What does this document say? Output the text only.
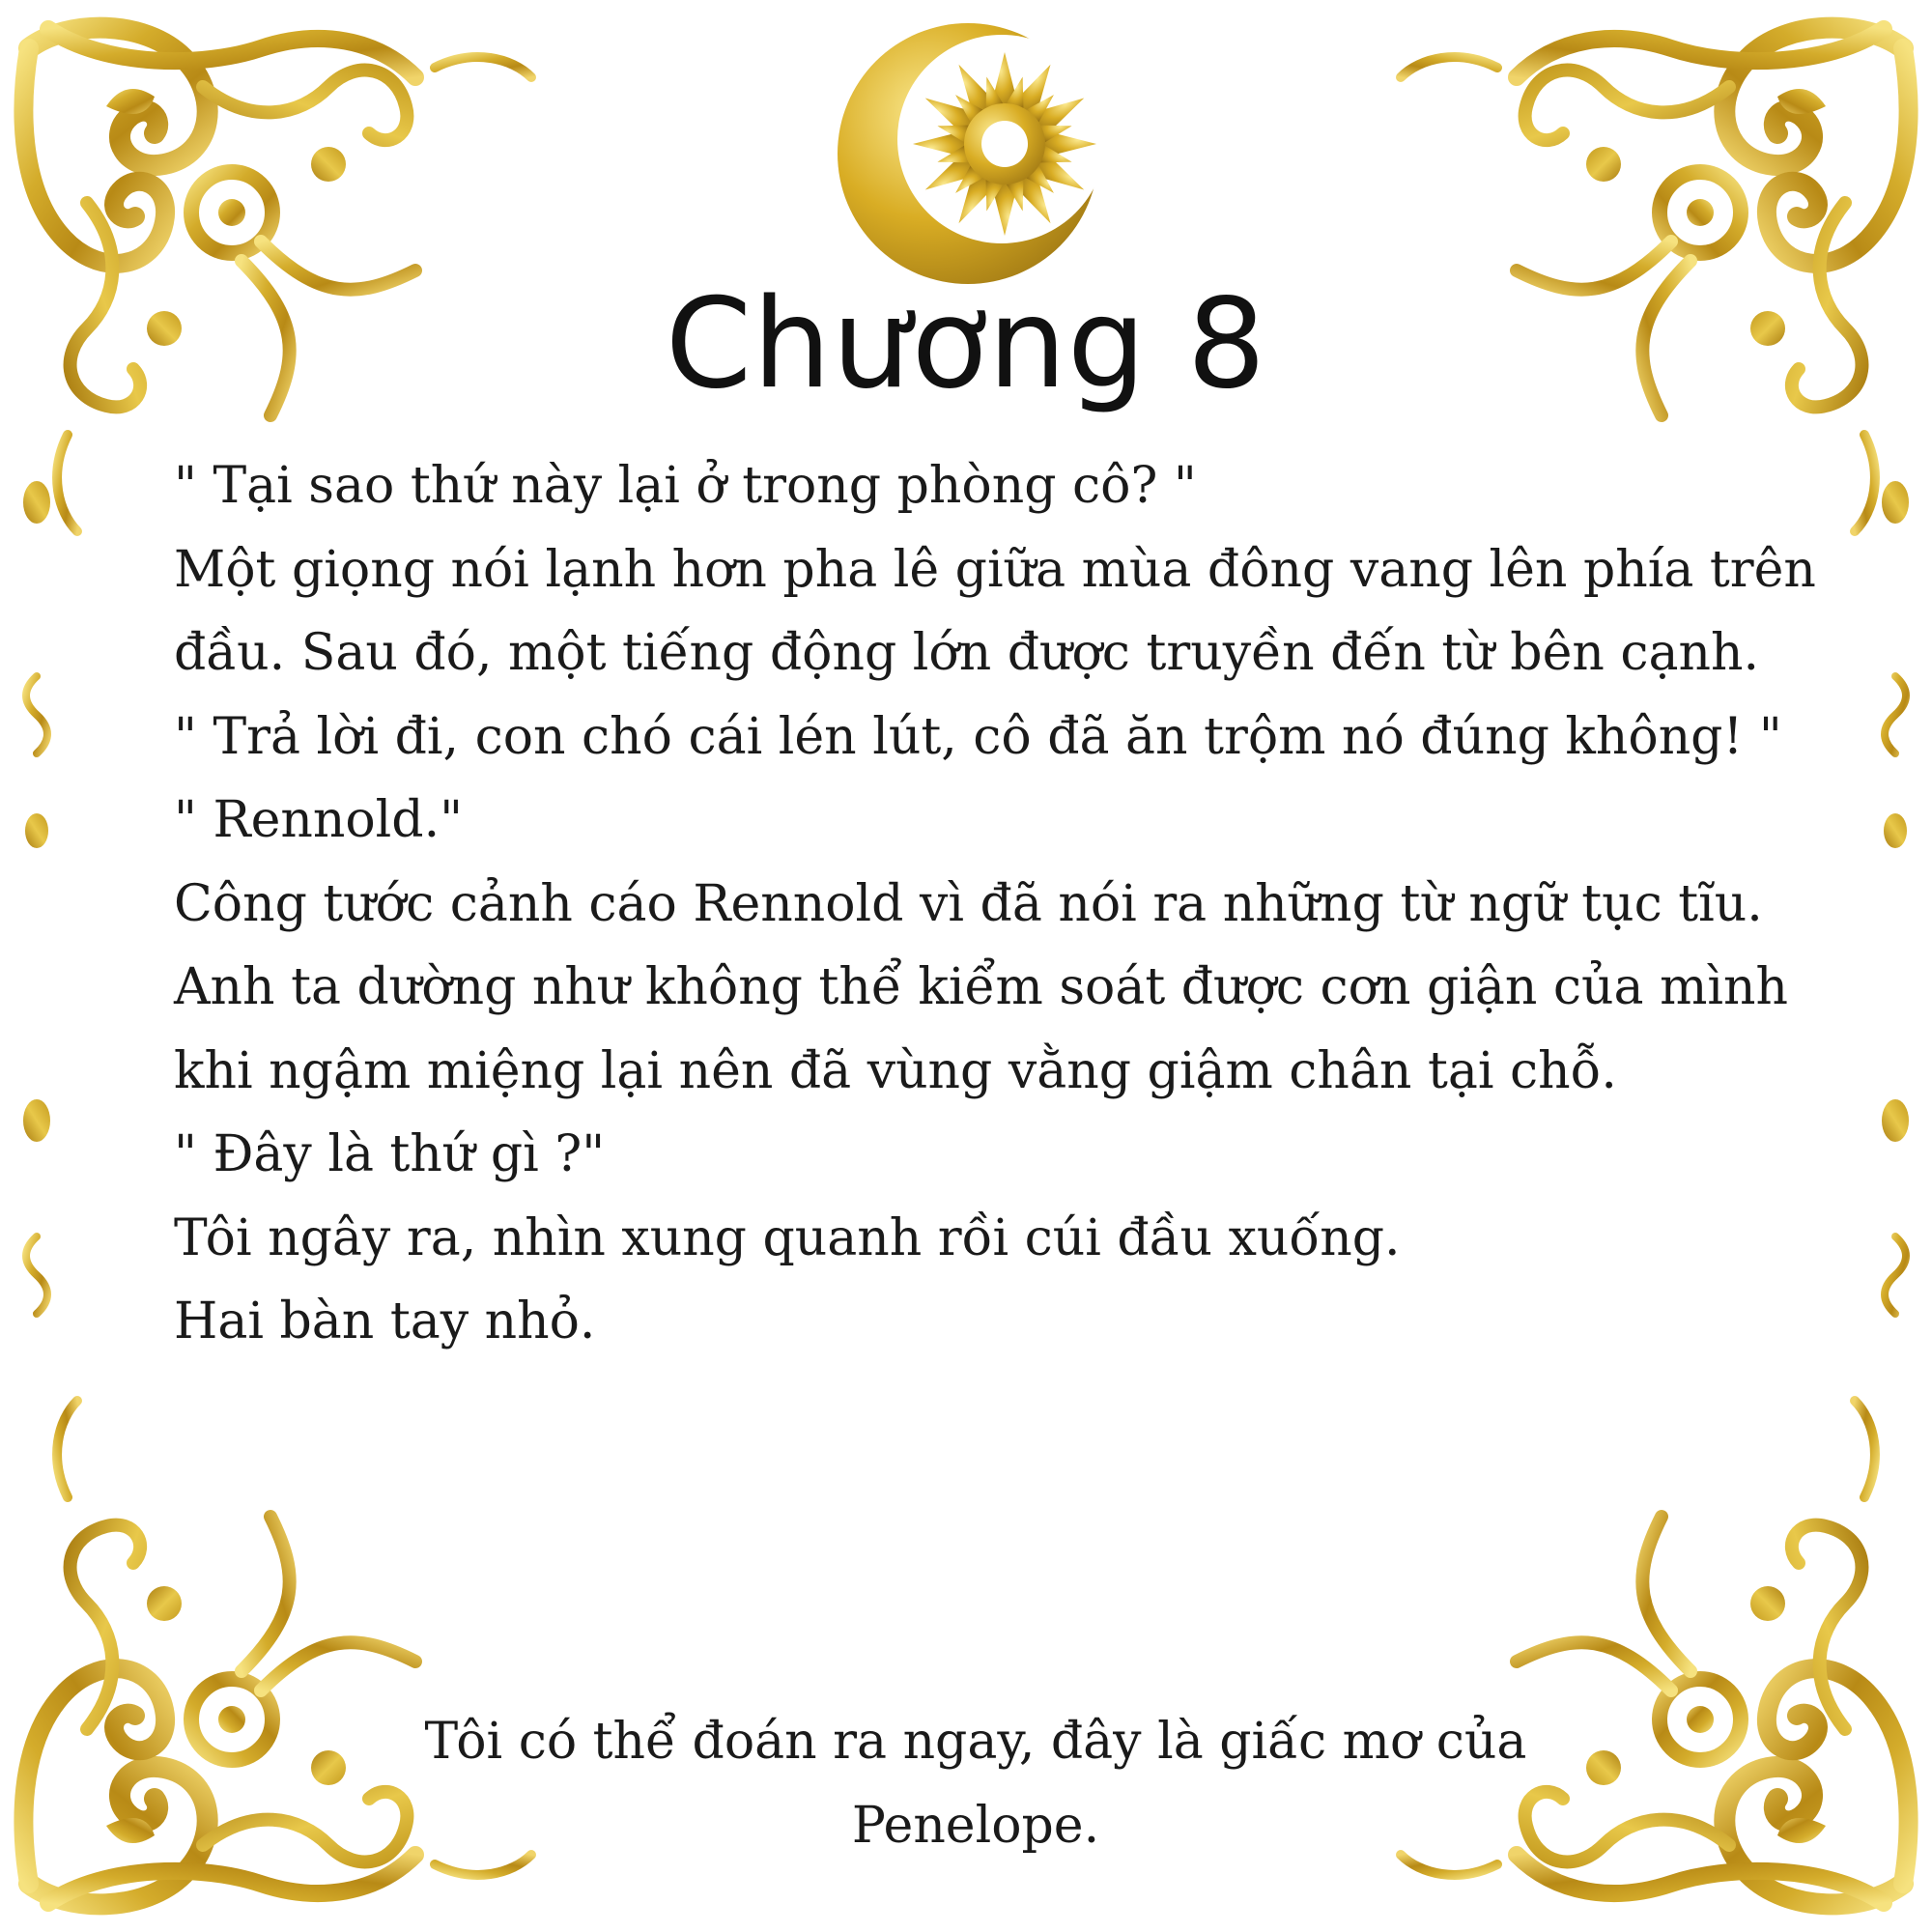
Chương 8

" Tại sao thứ này lại ở trong phòng cô? "

Một giọng nói lạnh hơn pha lê giữa mùa đông vang lên phía trên đầu. Sau đó, một tiếng động lớn được truyền đến từ bên cạnh.

" Trả lời đi, con chó cái lén lút, cô đã ăn trộm nó đúng không! "

" Rennold."

Công tước cảnh cáo Rennold vì đã nói ra những từ ngữ tục tĩu.

Anh ta dường như không thể kiểm soát được cơn giận của mình khi ngậm miệng lại nên đã vùng vằng giậm chân tại chỗ.

" Đây là thứ gì ?"

Tôi ngây ra, nhìn xung quanh rồi cúi đầu xuống.

Hai bàn tay nhỏ.

Tôi có thể đoán ra ngay, đây là giấc mơ của

Penelope.
